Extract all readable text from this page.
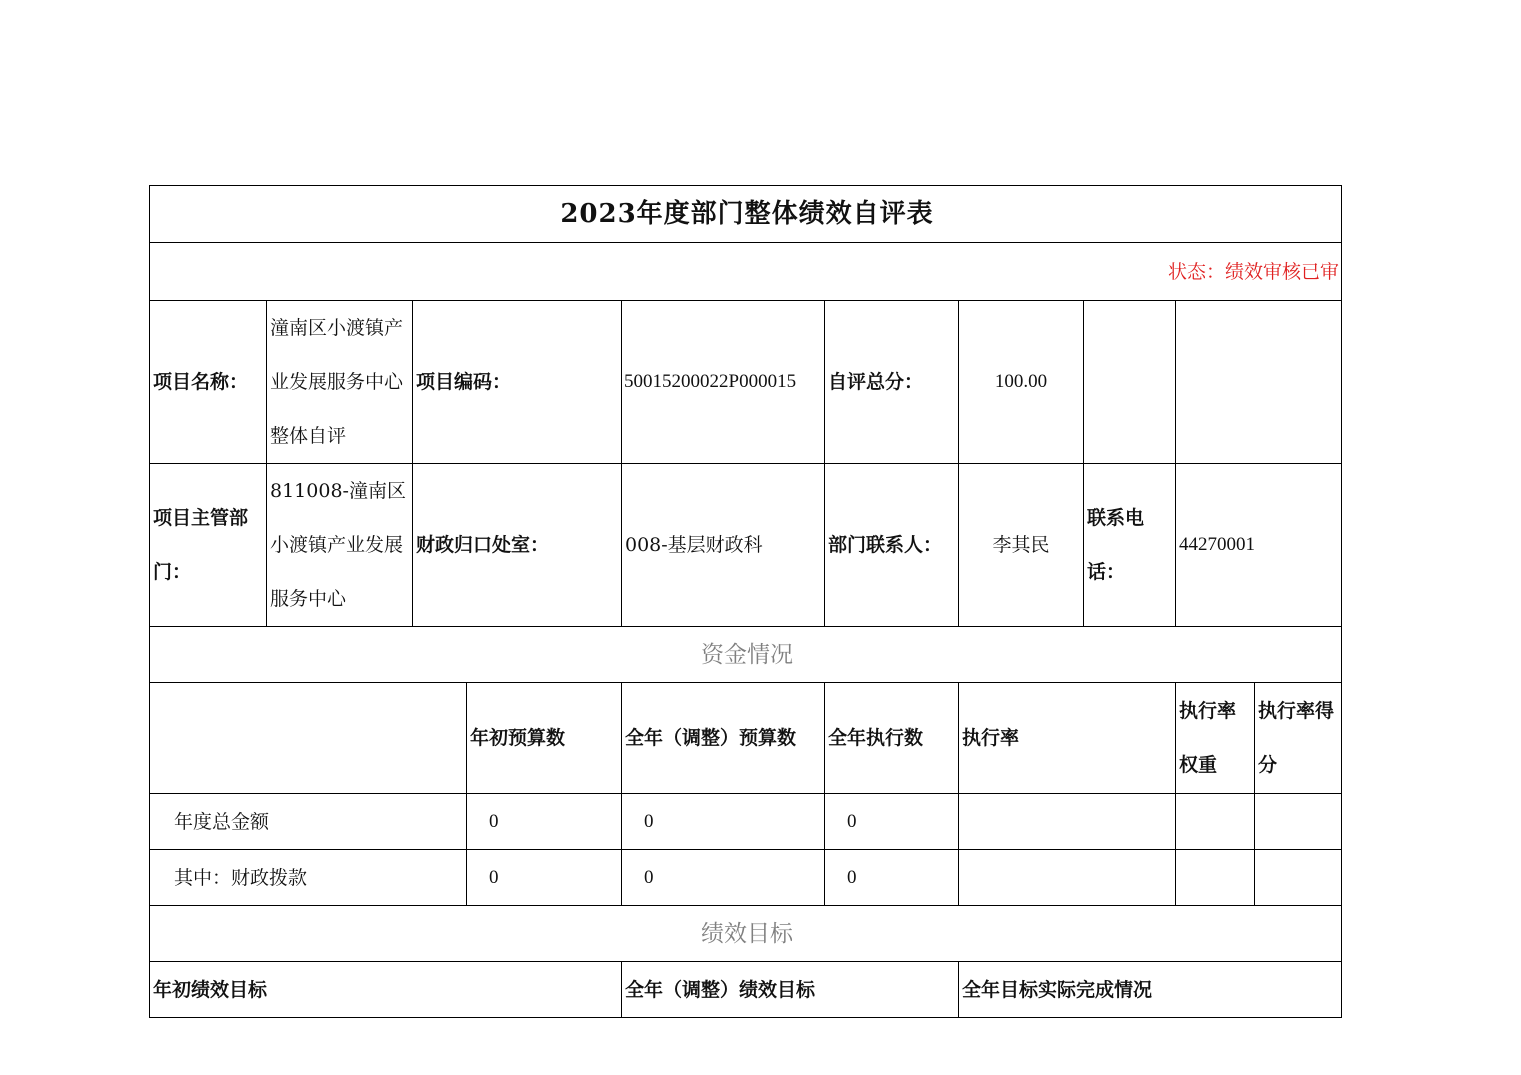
2023年度部门整体绩效自评表									
状态：绩效审核已审									
项目名称：	潼南区小渡镇产业发展服务中心整体自评	项目编码：		50015200022P000015	自评总分：	100.00			
项目主管部门：	811008-潼南区小渡镇产业发展服务中心	财政归口处室：		008-基层财政科	部门联系人：	李其民	联系电话：	44270001	
资金情况									
			年初预算数	全年（调整）预算数	全年执行数	执行率		执行率权重	执行率得分
年度总金额			0	0	0				
其中：财政拨款			0	0	0				
绩效目标									
年初绩效目标				全年（调整）绩效目标		全年目标实际完成情况			
